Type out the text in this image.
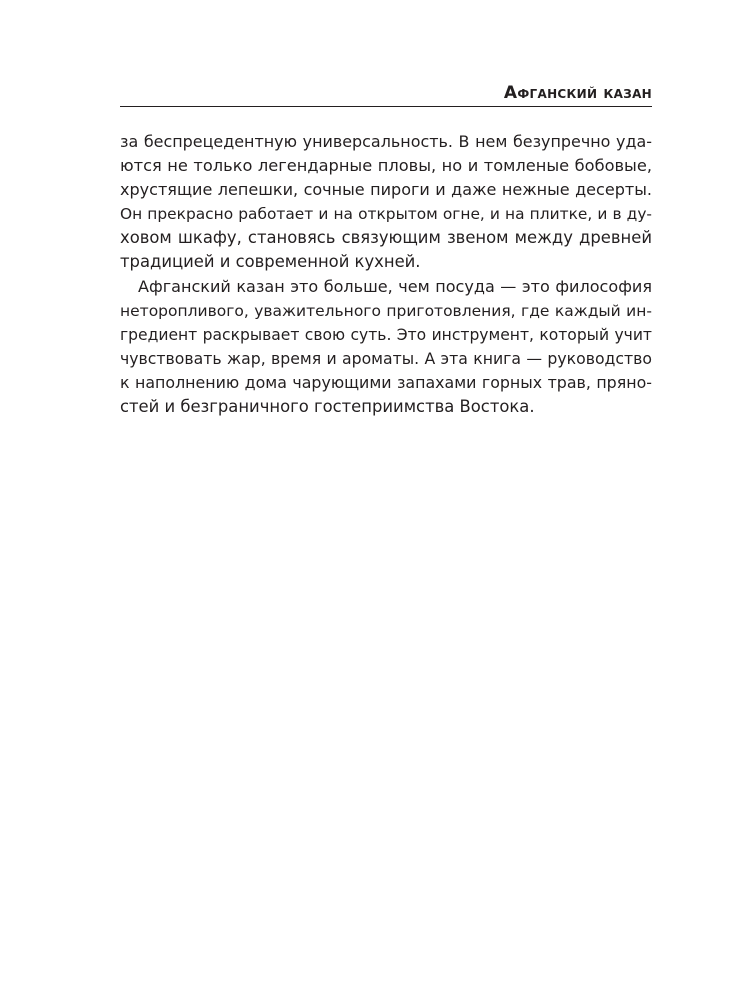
Афганский казан
за беспрецедентную универсальность. В нем безупречно уда-
ются не только легендарные пловы, но и томленые бобовые,
хрустящие лепешки, сочные пироги и даже нежные десерты.
Он прекрасно работает и на открытом огне, и на плитке, и в ду-
ховом шкафу, становясь связующим звеном между древней
традицией и современной кухней.
Афганский казан это больше, чем посуда — это философия
неторопливого, уважительного приготовления, где каждый ин-
гредиент раскрывает свою суть. Это инструмент, который учит
чувствовать жар, время и ароматы. А эта книга — руководство
к наполнению дома чарующими запахами горных трав, пряно-
стей и безграничного гостеприимства Востока.
